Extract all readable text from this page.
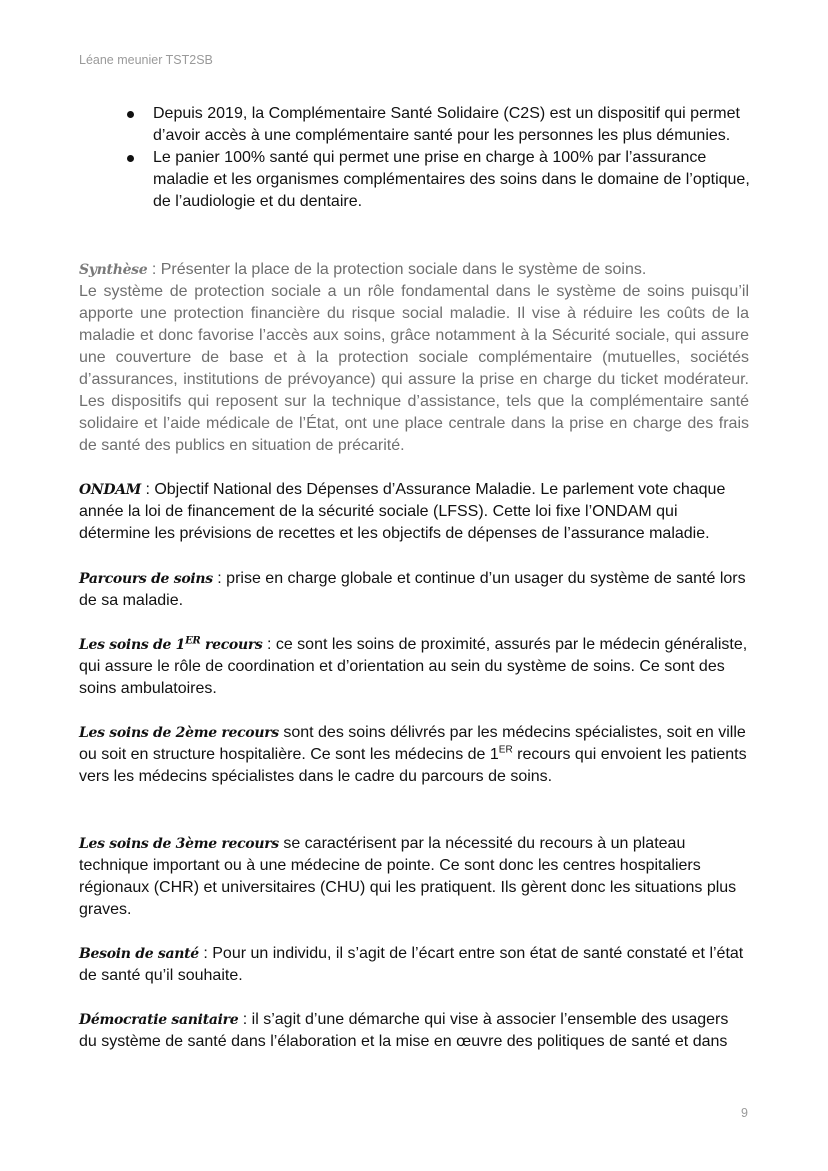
Léane meunier TST2SB
Depuis 2019, la Complémentaire Santé Solidaire (C2S) est un dispositif qui permet d’avoir accès à une complémentaire santé pour les personnes les plus démunies.
Le panier 100% santé qui permet une prise en charge à 100% par l’assurance maladie et les organismes complémentaires des soins dans le domaine de l’optique, de l’audiologie et du dentaire.
Synthèse : Présenter la place de la protection sociale dans le système de soins.
Le système de protection sociale a un rôle fondamental dans le système de soins puisqu’il apporte une protection financière du risque social maladie. Il vise à réduire les coûts de la maladie et donc favorise l’accès aux soins, grâce notamment à la Sécurité sociale, qui assure une couverture de base et à la protection sociale complémentaire (mutuelles, sociétés d’assurances, institutions de prévoyance) qui assure la prise en charge du ticket modérateur. Les dispositifs qui reposent sur la technique d’assistance, tels que la complémentaire santé solidaire et l’aide médicale de l’État, ont une place centrale dans la prise en charge des frais de santé des publics en situation de précarité.
ONDAM : Objectif National des Dépenses d’Assurance Maladie. Le parlement vote chaque année la loi de financement de la sécurité sociale (LFSS). Cette loi fixe l’ONDAM qui détermine les prévisions de recettes et les objectifs de dépenses de l’assurance maladie.
Parcours de soins : prise en charge globale et continue d’un usager du système de santé lors de sa maladie.
Les soins de 1ER recours : ce sont les soins de proximité, assurés par le médecin généraliste, qui assure le rôle de coordination et d’orientation au sein du système de soins. Ce sont des soins ambulatoires.
Les soins de 2ème recours sont des soins délivrés par les médecins spécialistes, soit en ville ou soit en structure hospitalière. Ce sont les médecins de 1ER recours qui envoient les patients vers les médecins spécialistes dans le cadre du parcours de soins.
Les soins de 3ème recours se caractérisent par la nécessité du recours à un plateau technique important ou à une médecine de pointe. Ce sont donc les centres hospitaliers régionaux (CHR) et universitaires (CHU) qui les pratiquent. Ils gèrent donc les situations plus graves.
Besoin de santé : Pour un individu, il s’agit de l’écart entre son état de santé constaté et l’état de santé qu’il souhaite.
Démocratie sanitaire : il s’agit d’une démarche qui vise à associer l’ensemble des usagers du système de santé dans l’élaboration et la mise en œuvre des politiques de santé et dans
9
